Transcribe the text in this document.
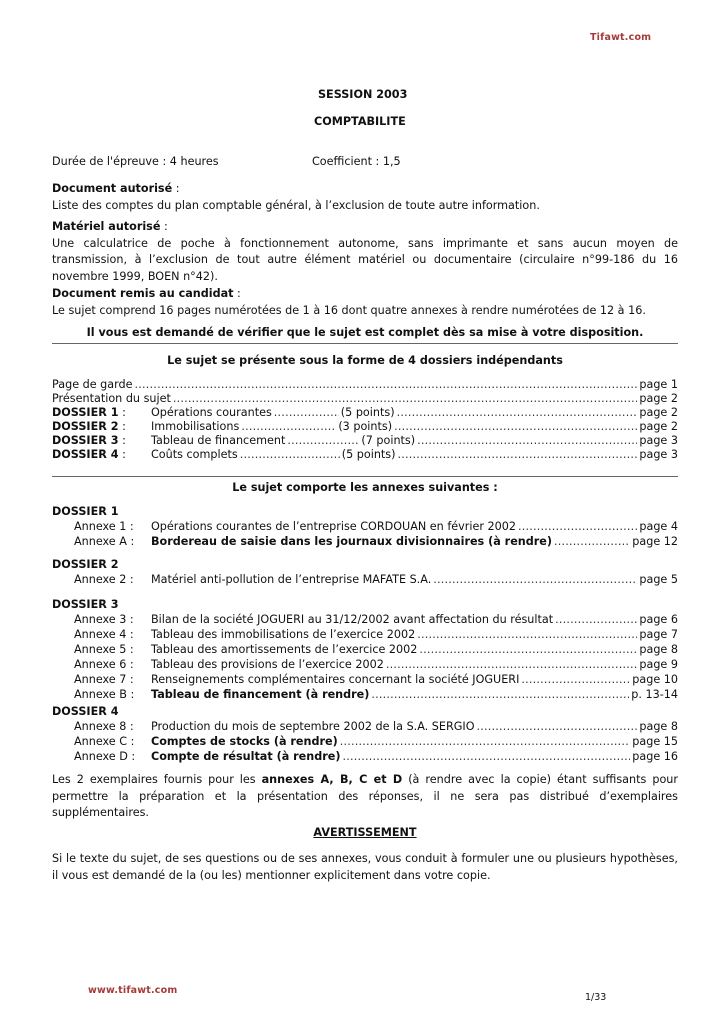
Tifawt.com
SESSION 2003
COMPTABILITE
Durée de l'épreuve : 4 heures	Coefficient : 1,5
Document autorisé :
Liste des comptes du plan comptable général, à l’exclusion de toute autre information.
Matériel autorisé :
Une calculatrice de poche à fonctionnement autonome, sans imprimante et sans aucun moyen de transmission, à l’exclusion de tout autre élément matériel ou documentaire (circulaire n°99-186 du 16 novembre 1999, BOEN n°42).
Document remis au candidat :
Le sujet comprend 16 pages numérotées de 1 à 16 dont quatre annexes à rendre numérotées de 12 à 16.
Il vous est demandé de vérifier que le sujet est complet dès sa mise à votre disposition.
Le sujet se présente sous la forme de 4 dossiers indépendants
Page de garde .....	page 1
Présentation du sujet .....	page 2
DOSSIER 1 :	Opérations courantes .....	(5 points) .....	page 2
DOSSIER 2 :	Immobilisations .....	(3 points) .....	page 2
DOSSIER 3 :	Tableau de financement .....	(7 points) .....	page 3
DOSSIER 4 :	Coûts complets .....	(5 points) .....	page 3
Le sujet comporte les annexes suivantes :
DOSSIER 1
Annexe 1 :	Opérations courantes de l’entreprise CORDOUAN en février 2002 .....	page 4
Annexe A :	Bordereau de saisie dans les journaux divisionnaires (à rendre) .....	page 12
DOSSIER 2
Annexe 2 :	Matériel anti-pollution de l’entreprise MAFATE S.A. .....	page 5
DOSSIER 3
Annexe 3 :	Bilan de la société JOGUERI au 31/12/2002 avant affectation du résultat .....	page 6
Annexe 4 :	Tableau des immobilisations de l’exercice 2002 .....	page 7
Annexe 5 :	Tableau des amortissements de l’exercice 2002 .....	page 8
Annexe 6 :	Tableau des provisions de l’exercice 2002 .....	page 9
Annexe 7 :	Renseignements complémentaires concernant la société JOGUERI .....	page 10
Annexe B :	Tableau de financement (à rendre) .....	p. 13-14
DOSSIER 4
Annexe 8 :	Production du mois de septembre 2002 de la S.A. SERGIO .....	page 8
Annexe C :	Comptes de stocks (à rendre) .....	page 15
Annexe D :	Compte de résultat (à rendre) .....	page 16
Les 2 exemplaires fournis pour les annexes A, B, C et D (à rendre avec la copie) étant suffisants pour permettre la préparation et la présentation des réponses, il ne sera pas distribué d’exemplaires supplémentaires.
AVERTISSEMENT
Si le texte du sujet, de ses questions ou de ses annexes, vous conduit à formuler une ou plusieurs hypothèses, il vous est demandé de la (ou les) mentionner explicitement dans votre copie.
www.tifawt.com
1/33
